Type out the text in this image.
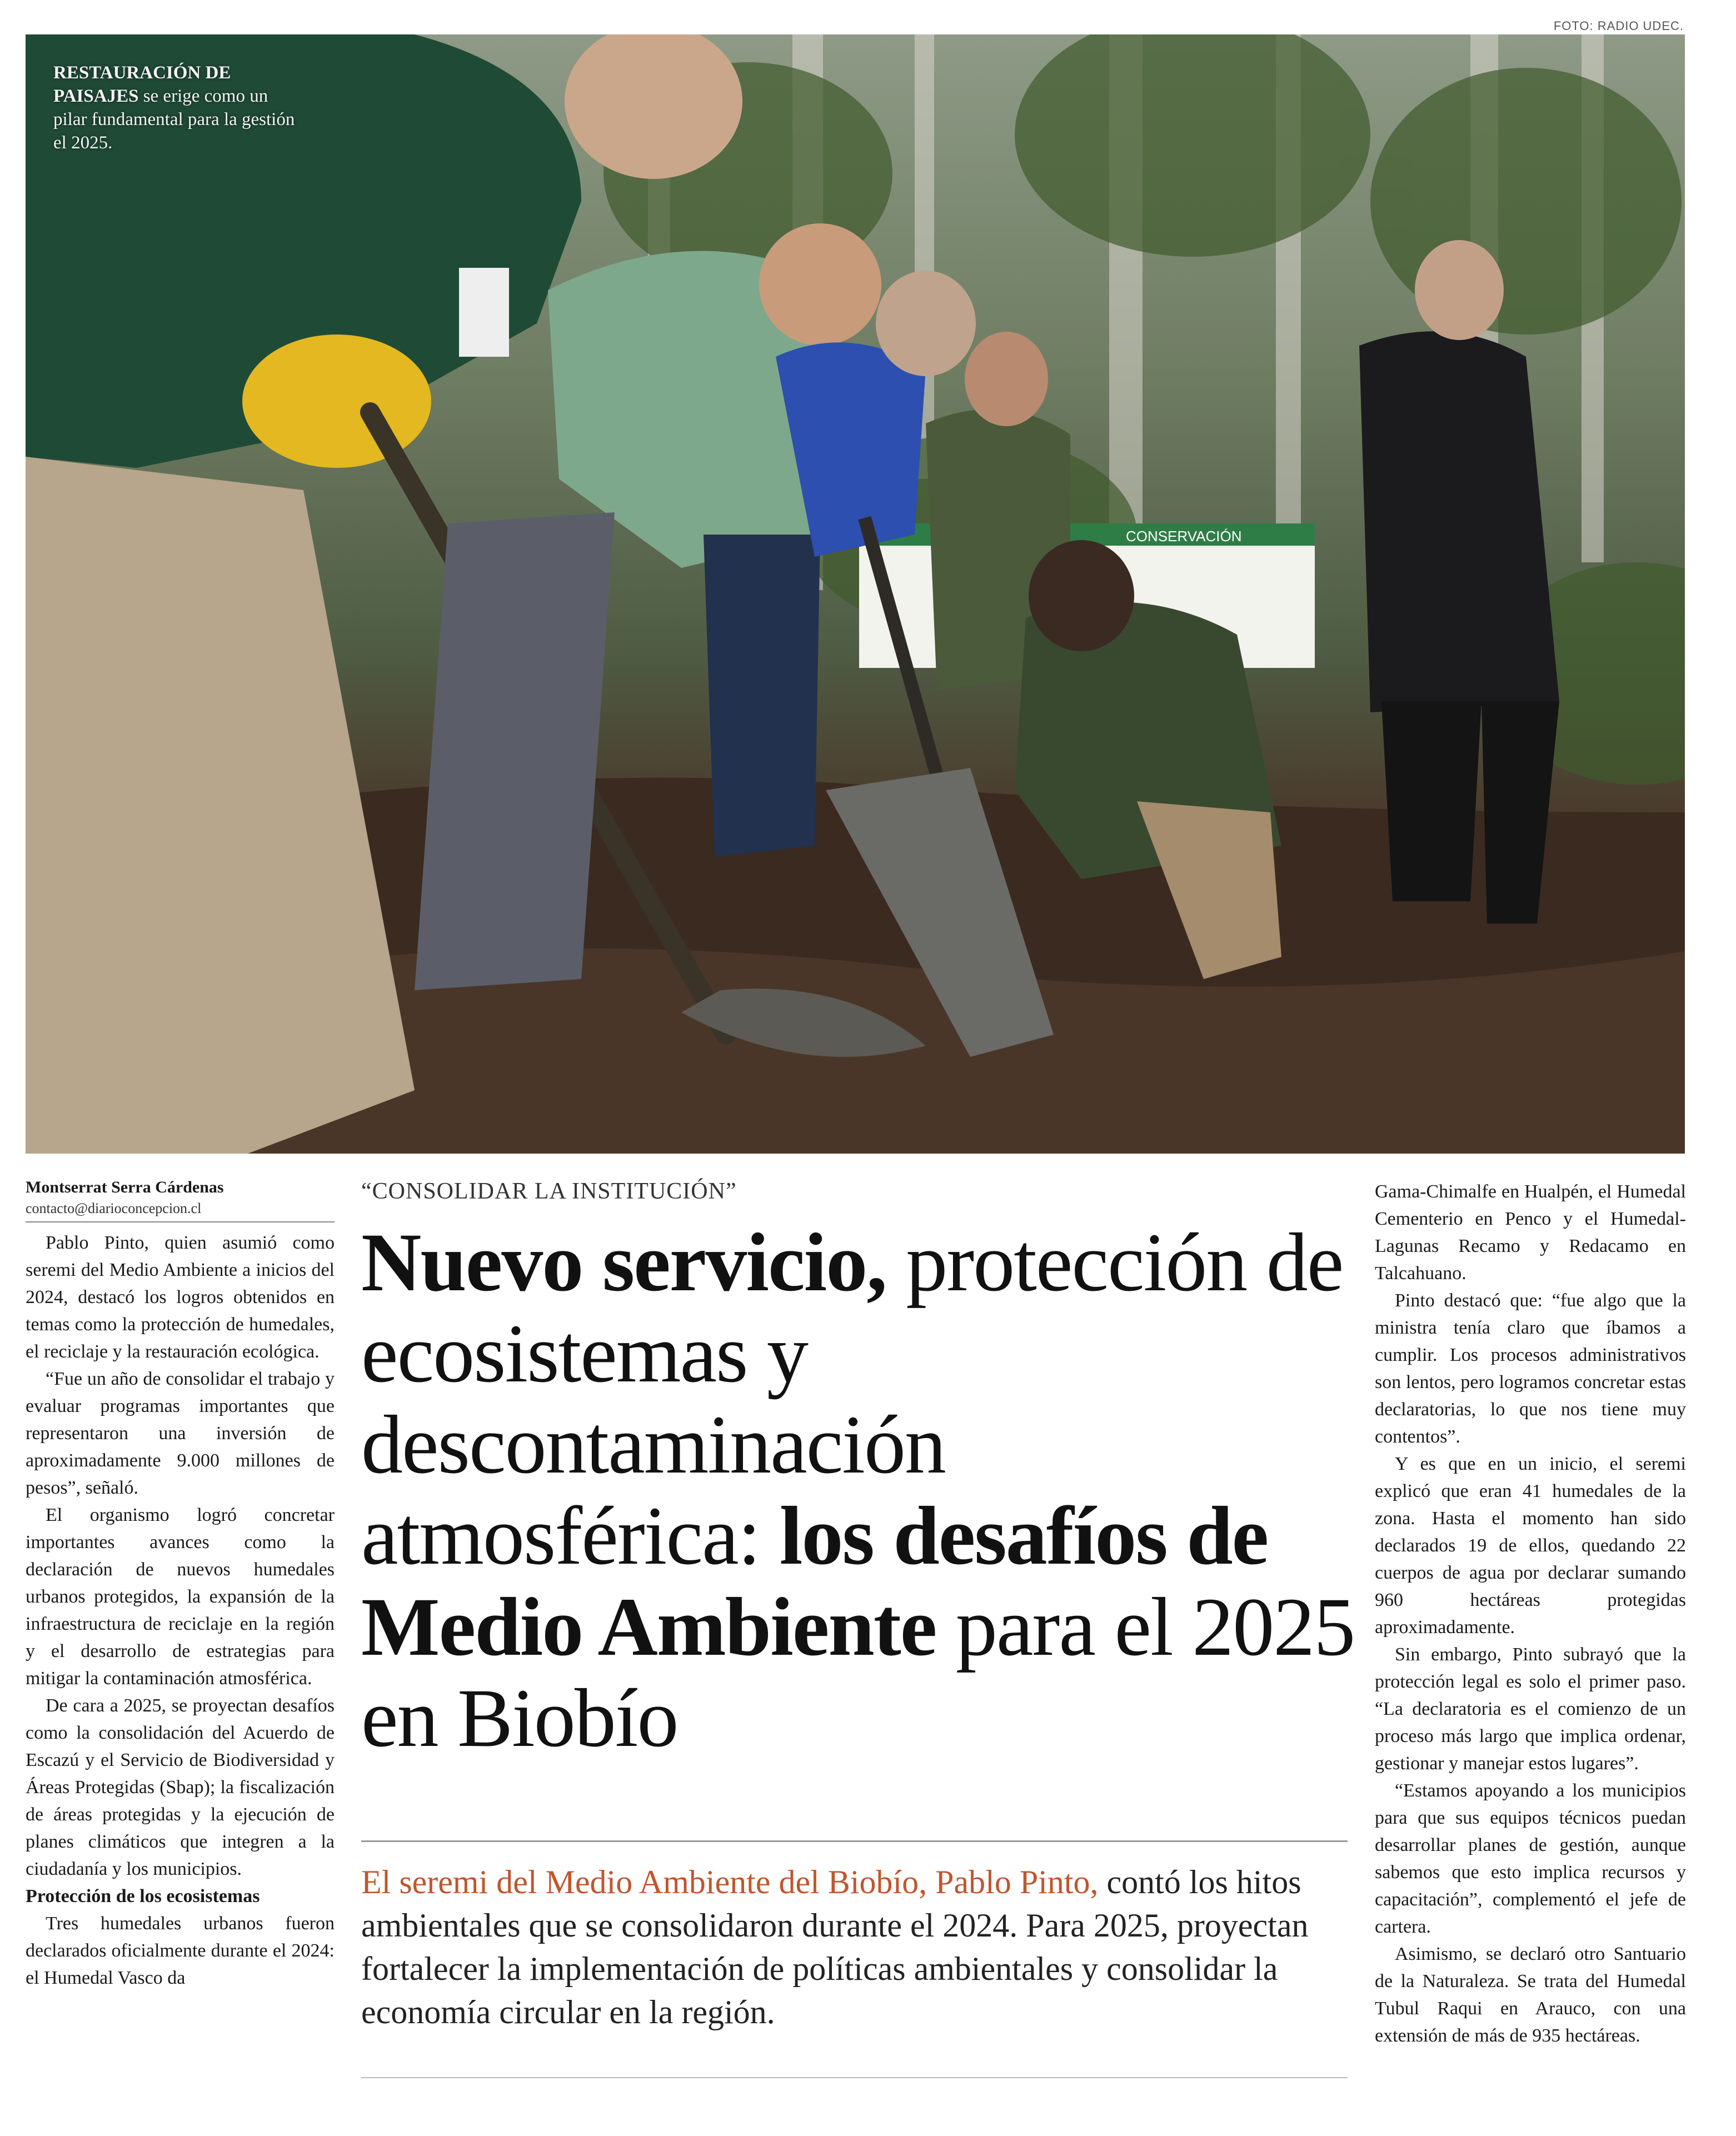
FOTO: RADIO UDEC.
CONSERVACIÓN
RESTAURACIÓN DE PAISAJES se erige como un pilar fundamental para la gestión el 2025.
Montserrat Serra Cárdenas
contacto@diarioconcepcion.cl

Pablo Pinto, quien asumió como seremi del Medio Ambiente a inicios del 2024, destacó los logros obtenidos en temas como la protección de humedales, el reciclaje y la restauración ecológica.

“Fue un año de consolidar el trabajo y evaluar programas importantes que representaron una inversión de aproximadamente 9.000 millones de pesos”, señaló.

El organismo logró concretar importantes avances como la declaración de nuevos humedales urbanos protegidos, la expansión de la infraestructura de reciclaje en la región y el desarrollo de estrategias para mitigar la contaminación atmosférica.

De cara a 2025, se proyectan desafíos como la consolidación del Acuerdo de Escazú y el Servicio de Biodiversidad y Áreas Protegidas (Sbap); la fiscalización de áreas protegidas y la ejecución de planes climáticos que integren a la ciudadanía y los municipios.

Protección de los ecosistemas

Tres humedales urbanos fueron declarados oficialmente durante el 2024: el Humedal Vasco da

“CONSOLIDAR LA INSTITUCIÓN”
Nuevo servicio, protección de ecosistemas y descontaminación atmosférica: los desafíos de Medio Ambiente para el 2025 en Biobío
El seremi del Medio Ambiente del Biobío, Pablo Pinto, contó los hitos ambientales que se consolidaron durante el 2024. Para 2025, proyectan fortalecer la implementación de políticas ambientales y consolidar la economía circular en la región.

Gama-Chimalfe en Hualpén, el Humedal Cementerio en Penco y el Humedal-Lagunas Recamo y Redacamo en Talcahuano.

Pinto destacó que: “fue algo que la ministra tenía claro que íbamos a cumplir. Los procesos administrativos son lentos, pero logramos concretar estas declaratorias, lo que nos tiene muy contentos”.

Y es que en un inicio, el seremi explicó que eran 41 humedales de la zona. Hasta el momento han sido declarados 19 de ellos, quedando 22 cuerpos de agua por declarar sumando 960 hectáreas protegidas aproximadamente.

Sin embargo, Pinto subrayó que la protección legal es solo el primer paso. “La declaratoria es el comienzo de un proceso más largo que implica ordenar, gestionar y manejar estos lugares”.

“Estamos apoyando a los municipios para que sus equipos técnicos puedan desarrollar planes de gestión, aunque sabemos que esto implica recursos y capacitación”, complementó el jefe de cartera.

Asimismo, se declaró otro Santuario de la Naturaleza. Se trata del Humedal Tubul Raqui en Arauco, con una extensión de más de 935 hectáreas.
